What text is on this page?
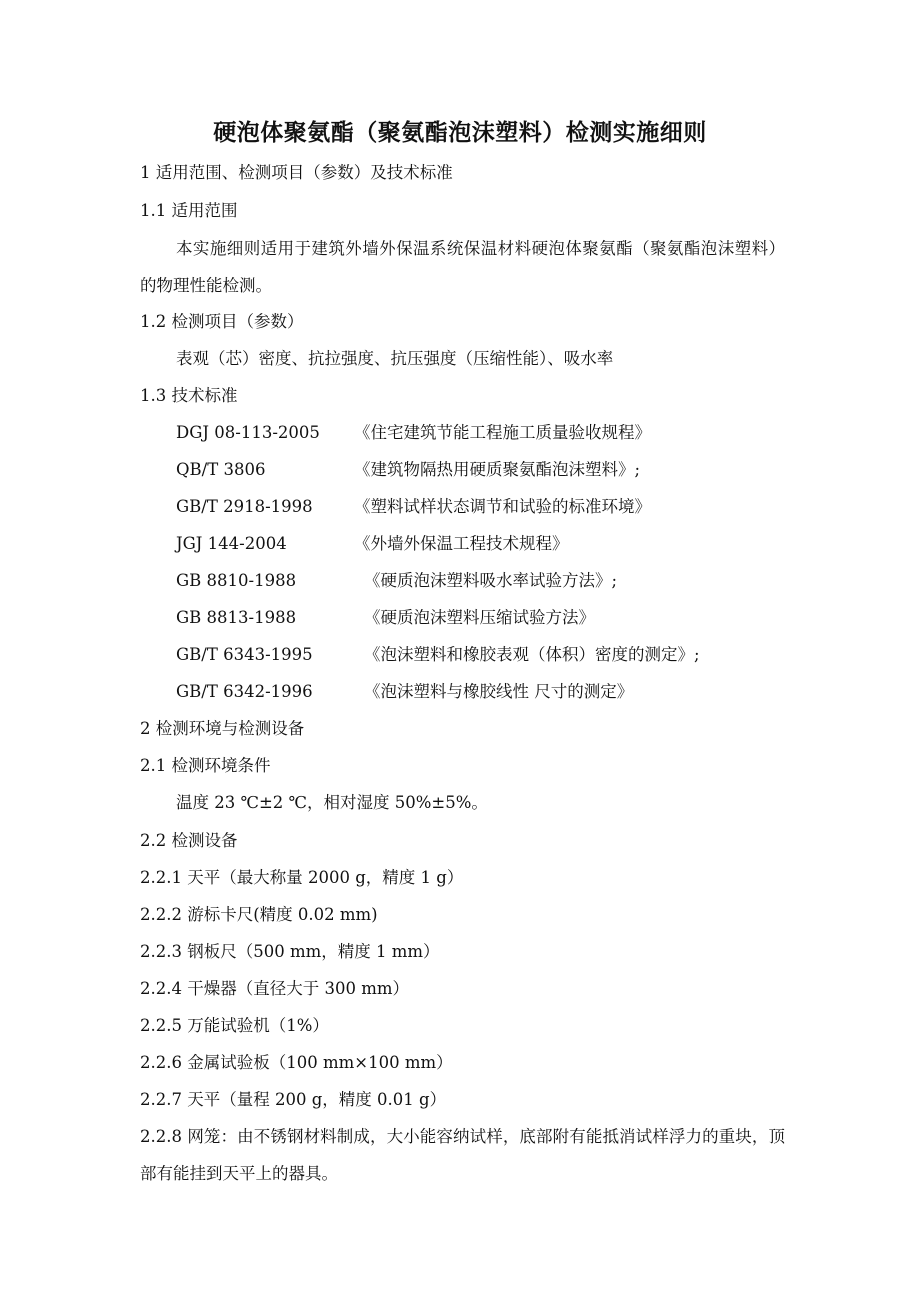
硬泡体聚氨酯（聚氨酯泡沫塑料）检测实施细则
1 适用范围、检测项目（参数）及技术标准
1.1 适用范围
本实施细则适用于建筑外墙外保温系统保温材料硬泡体聚氨酯（聚氨酯泡沫塑料）的物理性能检测。
1.2 检测项目（参数）
表观（芯）密度、抗拉强度、抗压强度（压缩性能）、吸水率
1.3 技术标准
DGJ 08-113-2005 《住宅建筑节能工程施工质量验收规程》
QB/T 3806	《建筑物隔热用硬质聚氨酯泡沫塑料》;
GB/T 2918-1998	《塑料试样状态调节和试验的标准环境》
JGJ 144-2004	《外墙外保温工程技术规程》
GB 8810-1988	《硬质泡沫塑料吸水率试验方法》;
GB 8813-1988	《硬质泡沫塑料压缩试验方法》
GB/T 6343-1995	《泡沫塑料和橡胶表观（体积）密度的测定》;
GB/T 6342-1996	《泡沫塑料与橡胶线性 尺寸的测定》
2 检测环境与检测设备
2.1 检测环境条件
温度 23 ℃±2 ℃，相对湿度 50%±5%。
2.2 检测设备
2.2.1 天平（最大称量 2000 g，精度 1 g）
2.2.2 游标卡尺(精度 0.02 mm)
2.2.3 钢板尺（500 mm，精度 1 mm）
2.2.4 干燥器（直径大于 300 mm）
2.2.5 万能试验机（1%）
2.2.6 金属试验板（100 mm×100 mm）
2.2.7 天平（量程 200 g，精度 0.01 g）
2.2.8 网笼：由不锈钢材料制成，大小能容纳试样，底部附有能抵消试样浮力的重块，顶部有能挂到天平上的器具。
